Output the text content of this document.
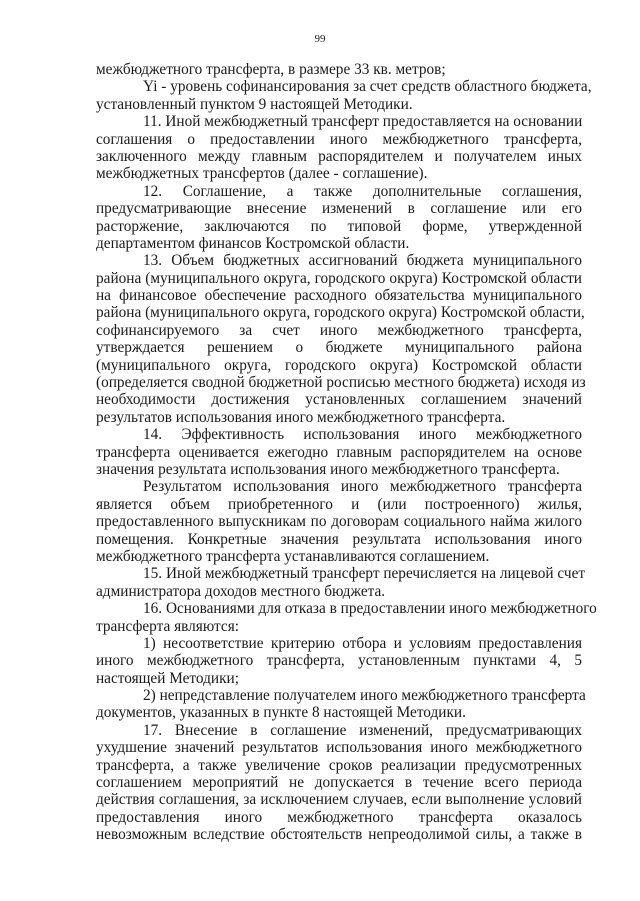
99
межбюджетного трансферта, в размере 33 кв. метров;
Yi - уровень софинансирования за счет средств областного бюджета,
установленный пунктом 9 настоящей Методики.
11. Иной межбюджетный трансферт предоставляется на основании
соглашения о предоставлении иного межбюджетного трансферта,
заключенного между главным распорядителем и получателем иных
межбюджетных трансфертов (далее - соглашение).
12. Соглашение, а также дополнительные соглашения,
предусматривающие внесение изменений в соглашение или его
расторжение, заключаются по типовой форме, утвержденной
департаментом финансов Костромской области.
13. Объем бюджетных ассигнований бюджета муниципального
района (муниципального округа, городского округа) Костромской области
на финансовое обеспечение расходного обязательства муниципального
района (муниципального округа, городского округа) Костромской области,
софинансируемого за счет иного межбюджетного трансферта,
утверждается решением о бюджете муниципального района
(муниципального округа, городского округа) Костромской области
(определяется сводной бюджетной росписью местного бюджета) исходя из
необходимости достижения установленных соглашением значений
результатов использования иного межбюджетного трансферта.
14. Эффективность использования иного межбюджетного
трансферта оценивается ежегодно главным распорядителем на основе
значения результата использования иного межбюджетного трансферта.
Результатом использования иного межбюджетного трансферта
является объем приобретенного и (или построенного) жилья,
предоставленного выпускникам по договорам социального найма жилого
помещения. Конкретные значения результата использования иного
межбюджетного трансферта устанавливаются соглашением.
15. Иной межбюджетный трансферт перечисляется на лицевой счет
администратора доходов местного бюджета.
16. Основаниями для отказа в предоставлении иного межбюджетного
трансферта являются:
1) несоответствие критерию отбора и условиям предоставления
иного межбюджетного трансферта, установленным пунктами 4, 5
настоящей Методики;
2) непредставление получателем иного межбюджетного трансферта
документов, указанных в пункте 8 настоящей Методики.
17. Внесение в соглашение изменений, предусматривающих
ухудшение значений результатов использования иного межбюджетного
трансферта, а также увеличение сроков реализации предусмотренных
соглашением мероприятий не допускается в течение всего периода
действия соглашения, за исключением случаев, если выполнение условий
предоставления иного межбюджетного трансферта оказалось
невозможным вследствие обстоятельств непреодолимой силы, а также в
